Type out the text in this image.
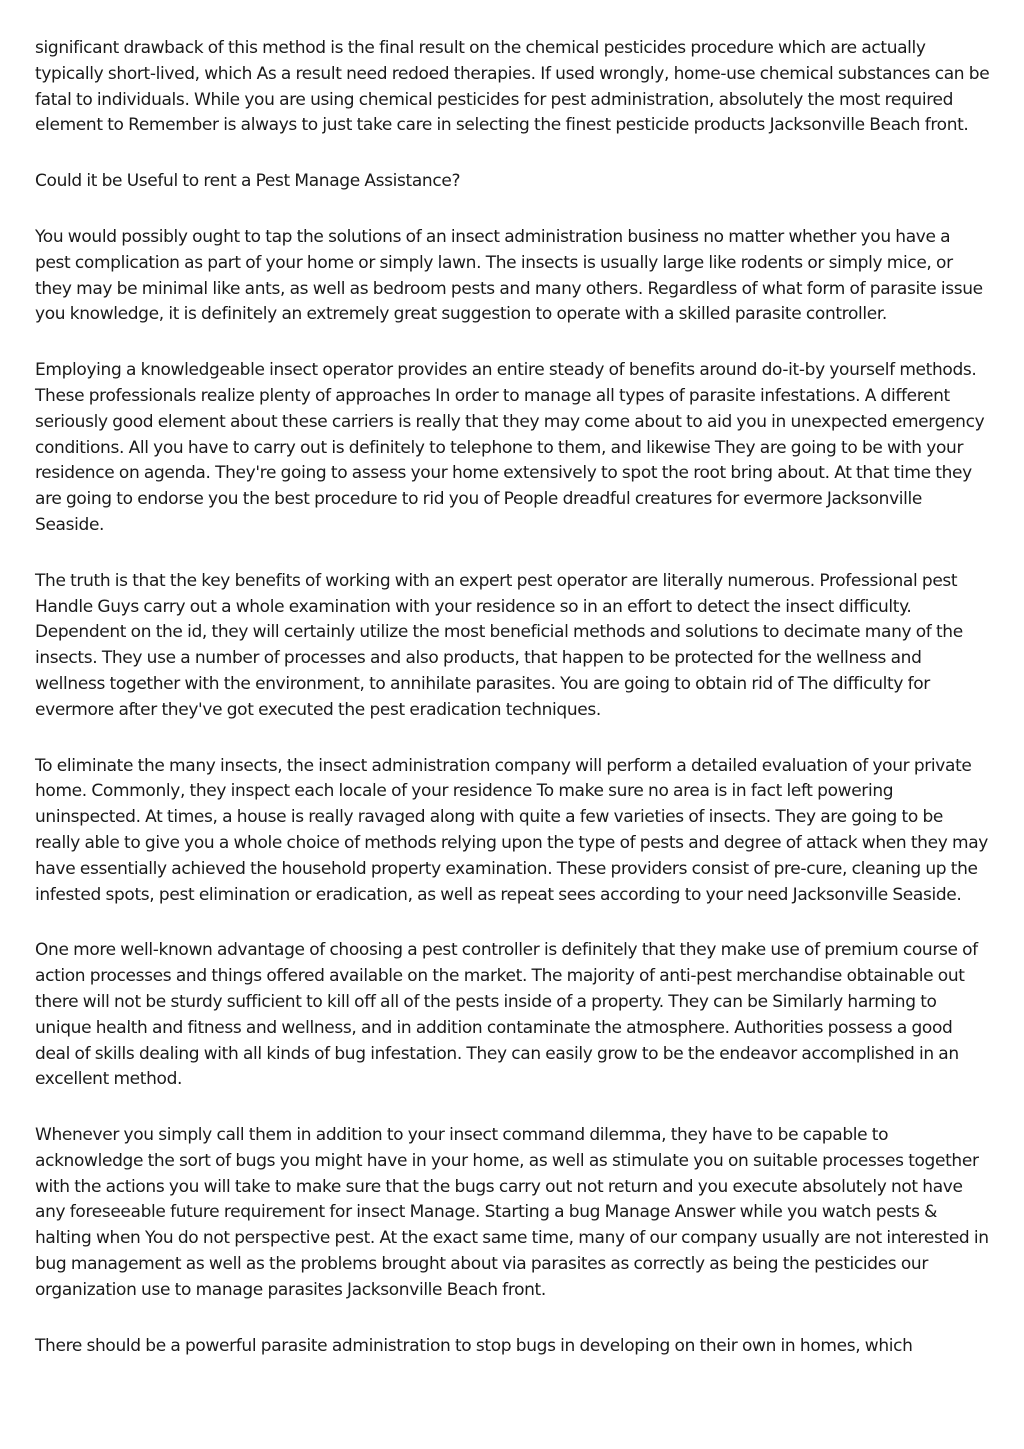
significant drawback of this method is the final result on the chemical pesticides procedure which are actually typically short-lived, which As a result need redoed therapies. If used wrongly, home-use chemical substances can be fatal to individuals. While you are using chemical pesticides for pest administration, absolutely the most required element to Remember is always to just take care in selecting the finest pesticide products Jacksonville Beach front.

Could it be Useful to rent a Pest Manage Assistance?

You would possibly ought to tap the solutions of an insect administration business no matter whether you have a pest complication as part of your home or simply lawn. The insects is usually large like rodents or simply mice, or they may be minimal like ants, as well as bedroom pests and many others. Regardless of what form of parasite issue you knowledge, it is definitely an extremely great suggestion to operate with a skilled parasite controller.

Employing a knowledgeable insect operator provides an entire steady of benefits around do-it-by yourself methods. These professionals realize plenty of approaches In order to manage all types of parasite infestations. A different seriously good element about these carriers is really that they may come about to aid you in unexpected emergency conditions. All you have to carry out is definitely to telephone to them, and likewise They are going to be with your residence on agenda. They're going to assess your home extensively to spot the root bring about. At that time they are going to endorse you the best procedure to rid you of People dreadful creatures for evermore Jacksonville Seaside.

The truth is that the key benefits of working with an expert pest operator are literally numerous. Professional pest Handle Guys carry out a whole examination with your residence so in an effort to detect the insect difficulty. Dependent on the id, they will certainly utilize the most beneficial methods and solutions to decimate many of the insects. They use a number of processes and also products, that happen to be protected for the wellness and wellness together with the environment, to annihilate parasites. You are going to obtain rid of The difficulty for evermore after they've got executed the pest eradication techniques.

To eliminate the many insects, the insect administration company will perform a detailed evaluation of your private home. Commonly, they inspect each locale of your residence To make sure no area is in fact left powering uninspected. At times, a house is really ravaged along with quite a few varieties of insects. They are going to be really able to give you a whole choice of methods relying upon the type of pests and degree of attack when they may have essentially achieved the household property examination. These providers consist of pre-cure, cleaning up the infested spots, pest elimination or eradication, as well as repeat sees according to your need Jacksonville Seaside.

One more well-known advantage of choosing a pest controller is definitely that they make use of premium course of action processes and things offered available on the market. The majority of anti-pest merchandise obtainable out there will not be sturdy sufficient to kill off all of the pests inside of a property. They can be Similarly harming to unique health and fitness and wellness, and in addition contaminate the atmosphere. Authorities possess a good deal of skills dealing with all kinds of bug infestation. They can easily grow to be the endeavor accomplished in an excellent method.

Whenever you simply call them in addition to your insect command dilemma, they have to be capable to acknowledge the sort of bugs you might have in your home, as well as stimulate you on suitable processes together with the actions you will take to make sure that the bugs carry out not return and you execute absolutely not have any foreseeable future requirement for insect Manage. Starting a bug Manage Answer while you watch pests & halting when You do not perspective pest. At the exact same time, many of our company usually are not interested in bug management as well as the problems brought about via parasites as correctly as being the pesticides our organization use to manage parasites Jacksonville Beach front.

There should be a powerful parasite administration to stop bugs in developing on their own in homes, which
